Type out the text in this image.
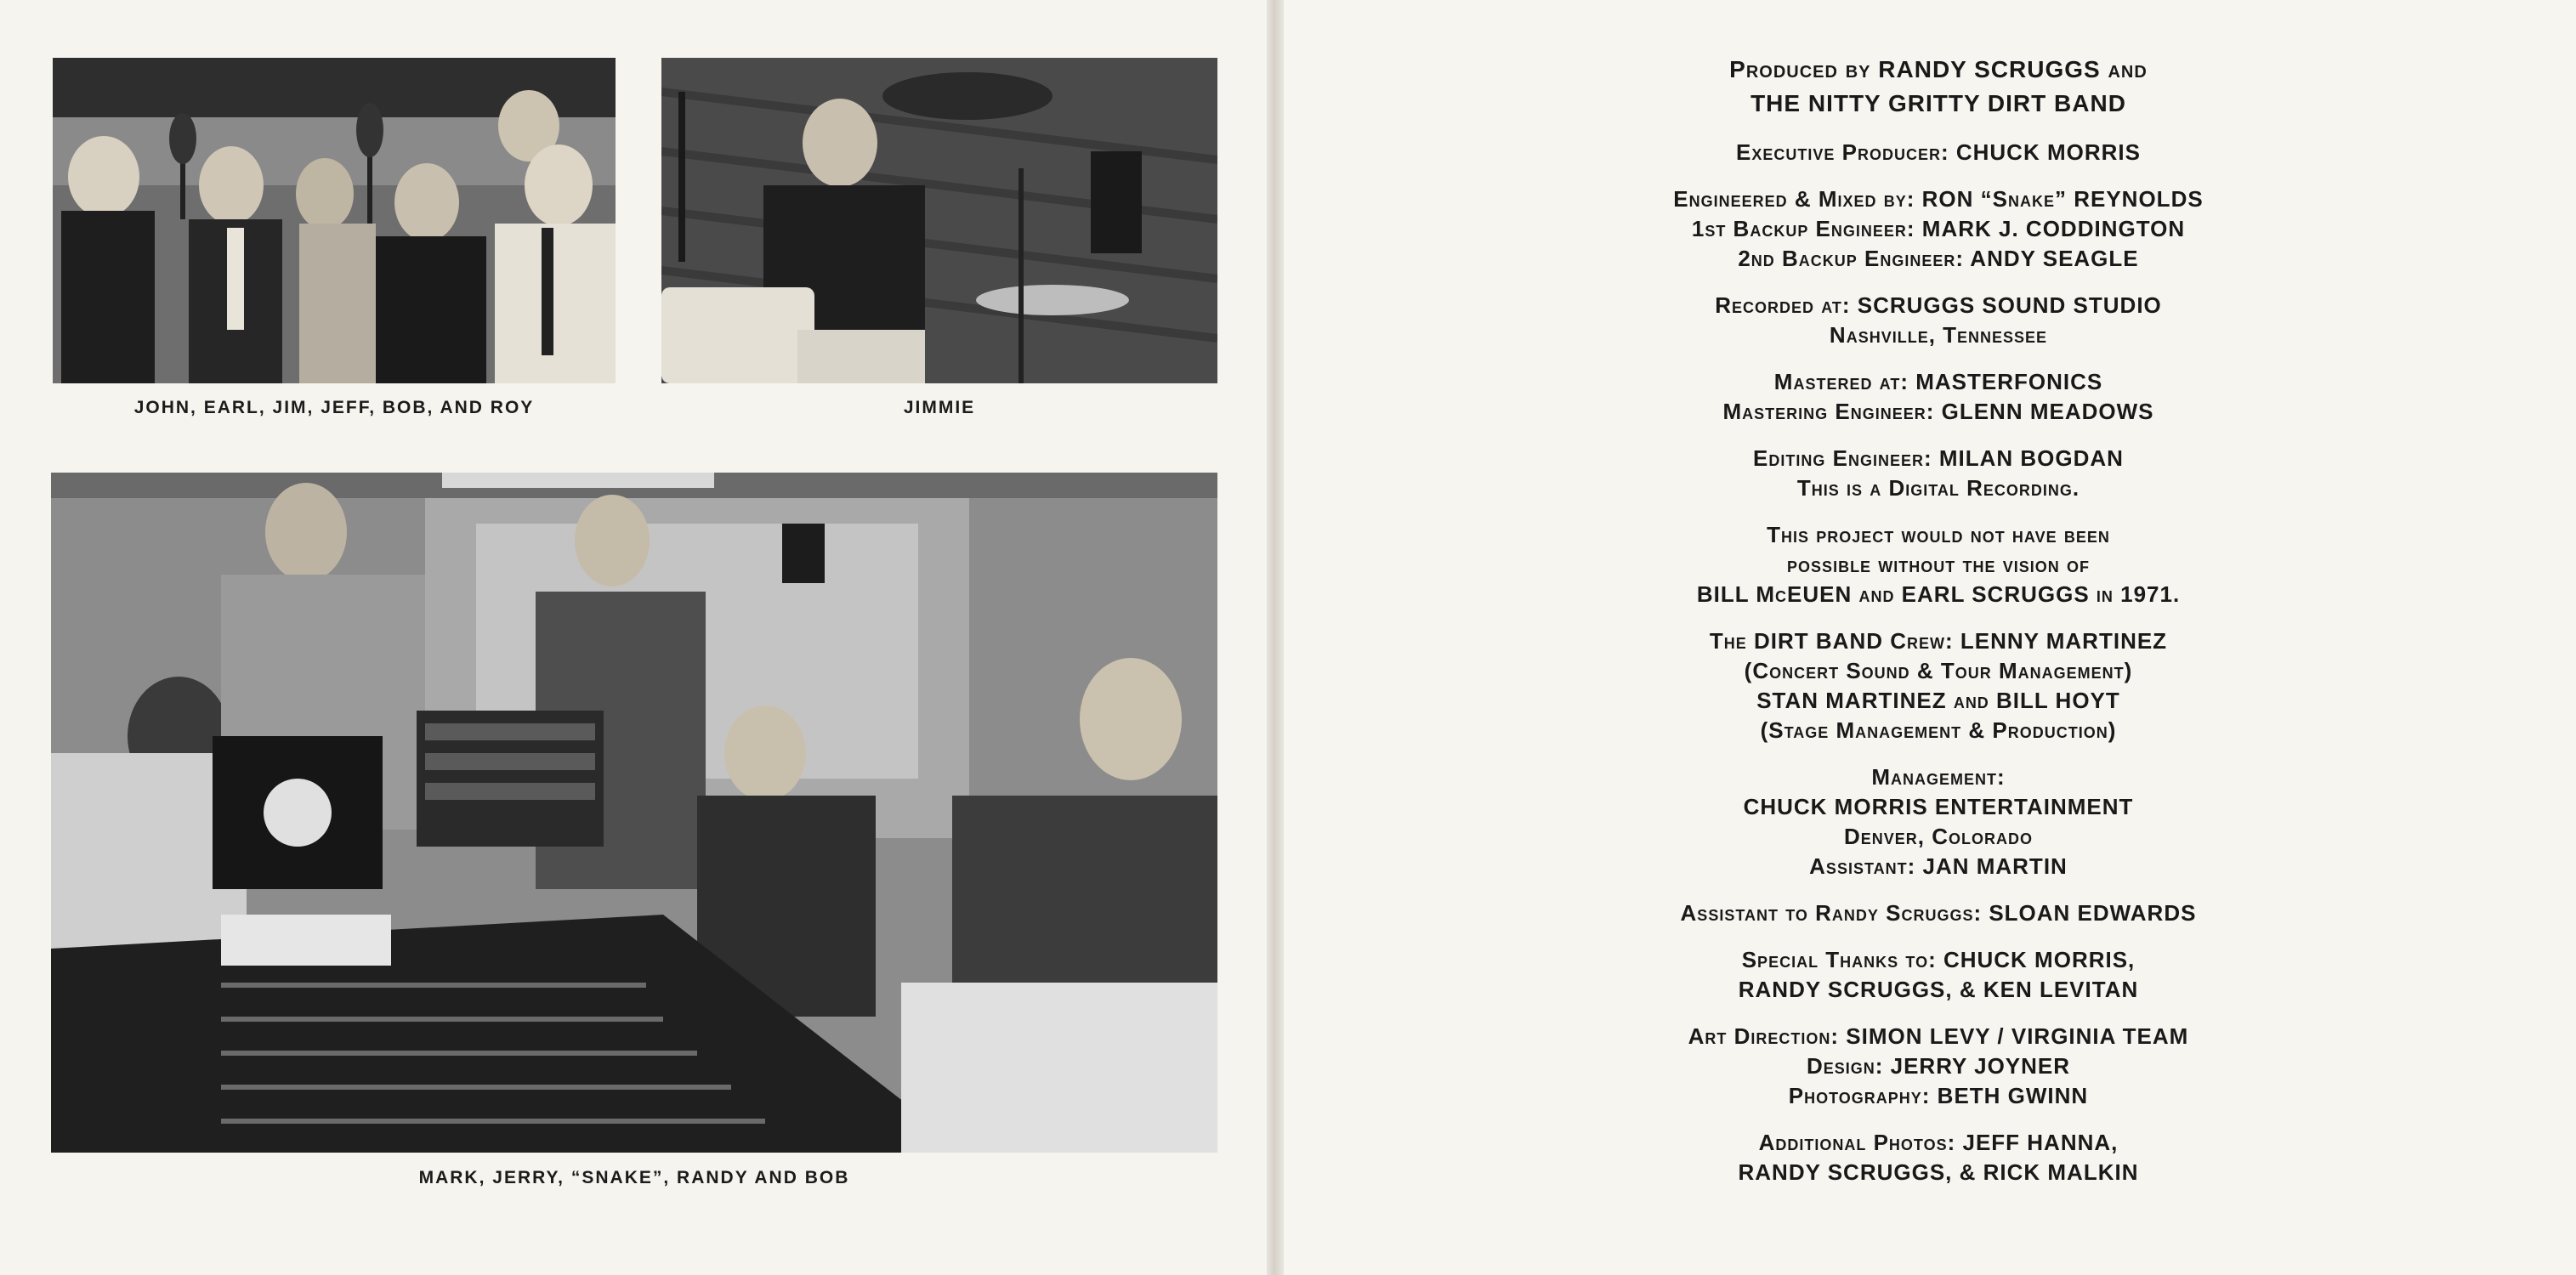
JOHN, EARL, JIM, JEFF, BOB, AND ROY	JIMMIE
MARK, JERRY, “SNAKE”, RANDY AND BOB
Produced by RANDY SCRUGGS and
THE NITTY GRITTY DIRT BAND
Executive Producer: CHUCK MORRIS
Engineered & Mixed by: RON “Snake” REYNOLDS
1st Backup Engineer: MARK J. CODDINGTON
2nd Backup Engineer: ANDY SEAGLE
Recorded at: SCRUGGS SOUND STUDIO
Nashville, Tennessee
Mastered at: MASTERFONICS
Mastering Engineer: GLENN MEADOWS
Editing Engineer: MILAN BOGDAN
This is a Digital Recording.
This project would not have been
possible without the vision of
BILL McEUEN and EARL SCRUGGS in 1971.
The DIRT BAND Crew: LENNY MARTINEZ
(Concert Sound & Tour Management)
STAN MARTINEZ and BILL HOYT
(Stage Management & Production)
Management:
CHUCK MORRIS ENTERTAINMENT
Denver, Colorado
Assistant: JAN MARTIN
Assistant to Randy Scruggs: SLOAN EDWARDS
Special Thanks to: CHUCK MORRIS,
RANDY SCRUGGS, & KEN LEVITAN
Art Direction: SIMON LEVY / VIRGINIA TEAM
Design: JERRY JOYNER
Photography: BETH GWINN
Additional Photos: JEFF HANNA,
RANDY SCRUGGS, & RICK MALKIN
